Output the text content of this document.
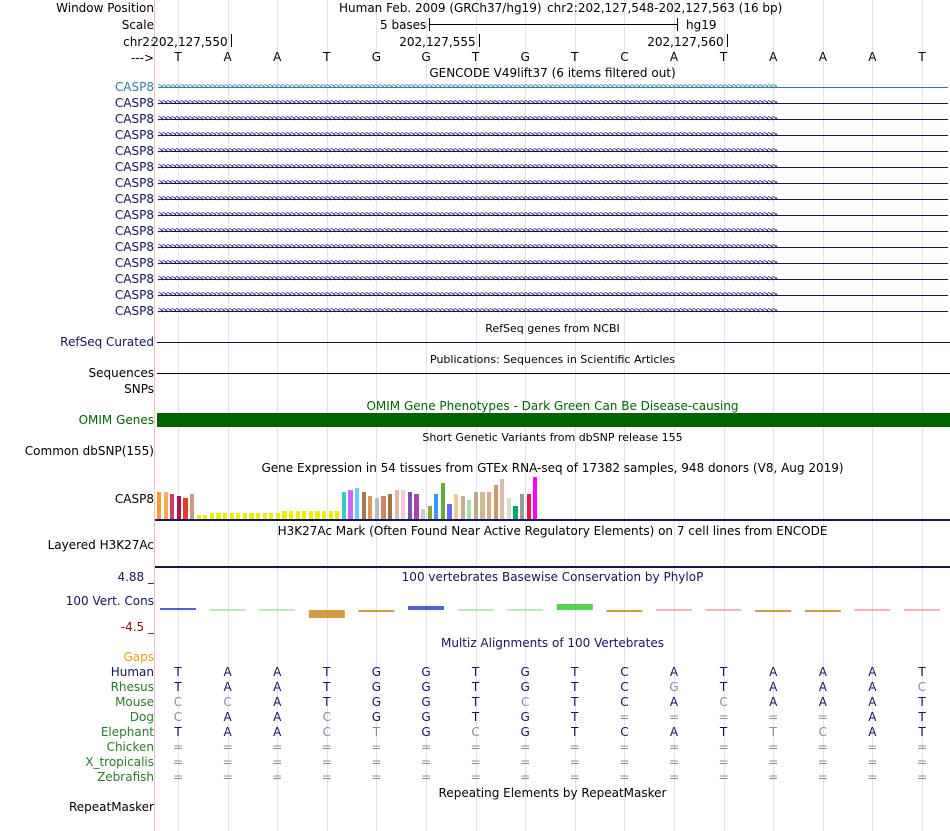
Window Position
Scale
chr2:
--->
CASP8
CASP8
CASP8
CASP8
CASP8
CASP8
CASP8
CASP8
CASP8
CASP8
CASP8
CASP8
CASP8
CASP8
CASP8
RefSeq Curated
Sequences
SNPs
OMIM Genes
Common dbSNP(155)
CASP8
Layered H3K27Ac
4.88 _
100 Vert. Cons
-4.5 _
Gaps
Human
Rhesus
Mouse
Dog
Elephant
Chicken
X_tropicalis
Zebrafish
RepeatMasker
Human Feb. 2009 (GRCh37/hg19) chr2:202,127,548-202,127,563 (16 bp)
5 bases	hg19
202,127,550	202,127,555	202,127,560
T	A	A	T	G	G	T	G	T	C	A	T	A	A	A	T
GENCODE V49lift37 (6 items filtered out)
>>>>>>>>>>>>>>>>>>>>>>>>>>>>>>>>>>>>>>>>>>>>>>>>>>>>>>>>>>>>>>>>>>>>>>>>>>>>>>>>>>>>>>>>>>>>>>>>>>>>>>>>>>>>>>>>>>>>>>>>>>>>>>>>>>>>>>>>>>>>
>>>>>>>>>>>>>>>>>>>>>>>>>>>>>>>>>>>>>>>>>>>>>>>>>>>>>>>>>>>>>>>>>>>>>>>>>>>>>>>>>>>>>>>>>>>>>>>>>>>>>>>>>>>>>>>>>>>>>>>>>>>>>>>>>>>>>>>>>>>>
>>>>>>>>>>>>>>>>>>>>>>>>>>>>>>>>>>>>>>>>>>>>>>>>>>>>>>>>>>>>>>>>>>>>>>>>>>>>>>>>>>>>>>>>>>>>>>>>>>>>>>>>>>>>>>>>>>>>>>>>>>>>>>>>>>>>>>>>>>>>
>>>>>>>>>>>>>>>>>>>>>>>>>>>>>>>>>>>>>>>>>>>>>>>>>>>>>>>>>>>>>>>>>>>>>>>>>>>>>>>>>>>>>>>>>>>>>>>>>>>>>>>>>>>>>>>>>>>>>>>>>>>>>>>>>>>>>>>>>>>>
>>>>>>>>>>>>>>>>>>>>>>>>>>>>>>>>>>>>>>>>>>>>>>>>>>>>>>>>>>>>>>>>>>>>>>>>>>>>>>>>>>>>>>>>>>>>>>>>>>>>>>>>>>>>>>>>>>>>>>>>>>>>>>>>>>>>>>>>>>>>
>>>>>>>>>>>>>>>>>>>>>>>>>>>>>>>>>>>>>>>>>>>>>>>>>>>>>>>>>>>>>>>>>>>>>>>>>>>>>>>>>>>>>>>>>>>>>>>>>>>>>>>>>>>>>>>>>>>>>>>>>>>>>>>>>>>>>>>>>>>>
>>>>>>>>>>>>>>>>>>>>>>>>>>>>>>>>>>>>>>>>>>>>>>>>>>>>>>>>>>>>>>>>>>>>>>>>>>>>>>>>>>>>>>>>>>>>>>>>>>>>>>>>>>>>>>>>>>>>>>>>>>>>>>>>>>>>>>>>>>>>
>>>>>>>>>>>>>>>>>>>>>>>>>>>>>>>>>>>>>>>>>>>>>>>>>>>>>>>>>>>>>>>>>>>>>>>>>>>>>>>>>>>>>>>>>>>>>>>>>>>>>>>>>>>>>>>>>>>>>>>>>>>>>>>>>>>>>>>>>>>>
>>>>>>>>>>>>>>>>>>>>>>>>>>>>>>>>>>>>>>>>>>>>>>>>>>>>>>>>>>>>>>>>>>>>>>>>>>>>>>>>>>>>>>>>>>>>>>>>>>>>>>>>>>>>>>>>>>>>>>>>>>>>>>>>>>>>>>>>>>>>
>>>>>>>>>>>>>>>>>>>>>>>>>>>>>>>>>>>>>>>>>>>>>>>>>>>>>>>>>>>>>>>>>>>>>>>>>>>>>>>>>>>>>>>>>>>>>>>>>>>>>>>>>>>>>>>>>>>>>>>>>>>>>>>>>>>>>>>>>>>>
>>>>>>>>>>>>>>>>>>>>>>>>>>>>>>>>>>>>>>>>>>>>>>>>>>>>>>>>>>>>>>>>>>>>>>>>>>>>>>>>>>>>>>>>>>>>>>>>>>>>>>>>>>>>>>>>>>>>>>>>>>>>>>>>>>>>>>>>>>>>
>>>>>>>>>>>>>>>>>>>>>>>>>>>>>>>>>>>>>>>>>>>>>>>>>>>>>>>>>>>>>>>>>>>>>>>>>>>>>>>>>>>>>>>>>>>>>>>>>>>>>>>>>>>>>>>>>>>>>>>>>>>>>>>>>>>>>>>>>>>>
>>>>>>>>>>>>>>>>>>>>>>>>>>>>>>>>>>>>>>>>>>>>>>>>>>>>>>>>>>>>>>>>>>>>>>>>>>>>>>>>>>>>>>>>>>>>>>>>>>>>>>>>>>>>>>>>>>>>>>>>>>>>>>>>>>>>>>>>>>>>
>>>>>>>>>>>>>>>>>>>>>>>>>>>>>>>>>>>>>>>>>>>>>>>>>>>>>>>>>>>>>>>>>>>>>>>>>>>>>>>>>>>>>>>>>>>>>>>>>>>>>>>>>>>>>>>>>>>>>>>>>>>>>>>>>>>>>>>>>>>>
>>>>>>>>>>>>>>>>>>>>>>>>>>>>>>>>>>>>>>>>>>>>>>>>>>>>>>>>>>>>>>>>>>>>>>>>>>>>>>>>>>>>>>>>>>>>>>>>>>>>>>>>>>>>>>>>>>>>>>>>>>>>>>>>>>>>>>>>>>>>
RefSeq genes from NCBI
Publications: Sequences in Scientific Articles
OMIM Gene Phenotypes - Dark Green Can Be Disease-causing
Short Genetic Variants from dbSNP release 155
Gene Expression in 54 tissues from GTEx RNA-seq of 17382 samples, 948 donors (V8, Aug 2019)
H3K27Ac Mark (Often Found Near Active Regulatory Elements) on 7 cell lines from ENCODE
100 vertebrates Basewise Conservation by PhyloP
Multiz Alignments of 100 Vertebrates
T	A	A	T	G	G	T	G	T	C	A	T	A	A	A	T
T	A	A	T	G	G	T	G	T	C	G	T	A	A	A	C
C	C	A	T	G	G	T	C	T	C	A	C	A	A	A	T
C	A	A	C	G	G	T	G	T	=	=	=	=	=	A	T
T	A	A	C	T	G	C	G	T	C	A	T	T	C	A	T
=	=	=	=	=	=	=	=	=	=	=	=	=	=	=	=
=	=	=	=	=	=	=	=	=	=	=	=	=	=	=	=
=	=	=	=	=	=	=	=	=	=	=	=	=	=	=	=
Repeating Elements by RepeatMasker
